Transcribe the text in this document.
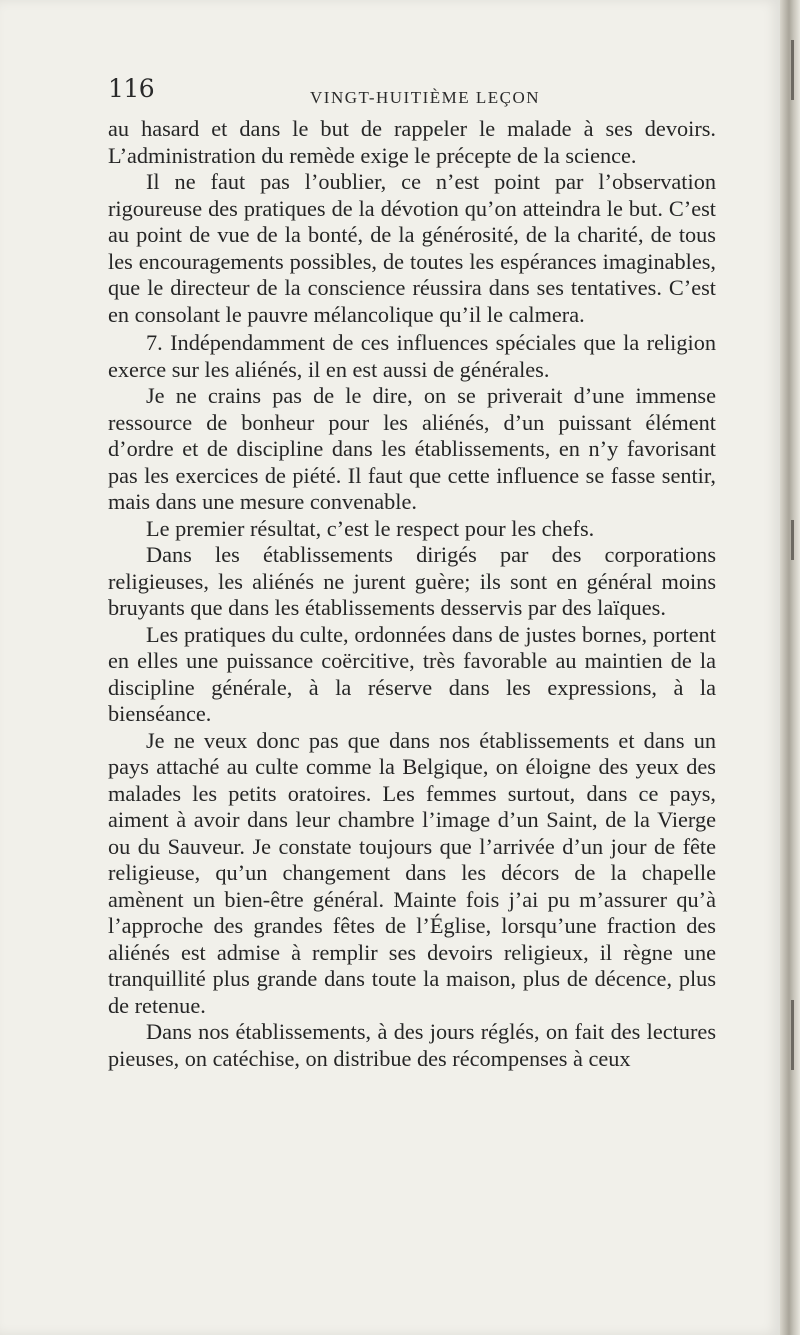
116	VINGT-HUITIÈME LEÇON

au hasard et dans le but de rappeler le malade à ses devoirs. L’administration du remède exige le précepte de la science.

Il ne faut pas l’oublier, ce n’est point par l’observation rigoureuse des pratiques de la dévotion qu’on atteindra le but. C’est au point de vue de la bonté, de la générosité, de la charité, de tous les encouragements possibles, de toutes les espérances imaginables, que le directeur de la conscience réussira dans ses tentatives. C’est en consolant le pauvre mélancolique qu’il le calmera.

7. Indépendamment de ces influences spéciales que la religion exerce sur les aliénés, il en est aussi de générales.

Je ne crains pas de le dire, on se priverait d’une immense ressource de bonheur pour les aliénés, d’un puissant élément d’ordre et de discipline dans les établissements, en n’y favorisant pas les exercices de piété. Il faut que cette influence se fasse sentir, mais dans une mesure convenable.

Le premier résultat, c’est le respect pour les chefs.

Dans les établissements dirigés par des corporations religieuses, les aliénés ne jurent guère; ils sont en général moins bruyants que dans les établissements desservis par des laïques.

Les pratiques du culte, ordonnées dans de justes bornes, portent en elles une puissance coërcitive, très favorable au maintien de la discipline générale, à la réserve dans les expressions, à la bienséance.

Je ne veux donc pas que dans nos établissements et dans un pays attaché au culte comme la Belgique, on éloigne des yeux des malades les petits oratoires. Les femmes surtout, dans ce pays, aiment à avoir dans leur chambre l’image d’un Saint, de la Vierge ou du Sauveur. Je constate toujours que l’arrivée d’un jour de fête religieuse, qu’un changement dans les décors de la chapelle amènent un bien-être général. Mainte fois j’ai pu m’assurer qu’à l’approche des grandes fêtes de l’Église, lorsqu’une fraction des aliénés est admise à remplir ses devoirs religieux, il règne une tranquillité plus grande dans toute la maison, plus de décence, plus de retenue.

Dans nos établissements, à des jours réglés, on fait des lectures pieuses, on catéchise, on distribue des récompenses à ceux
